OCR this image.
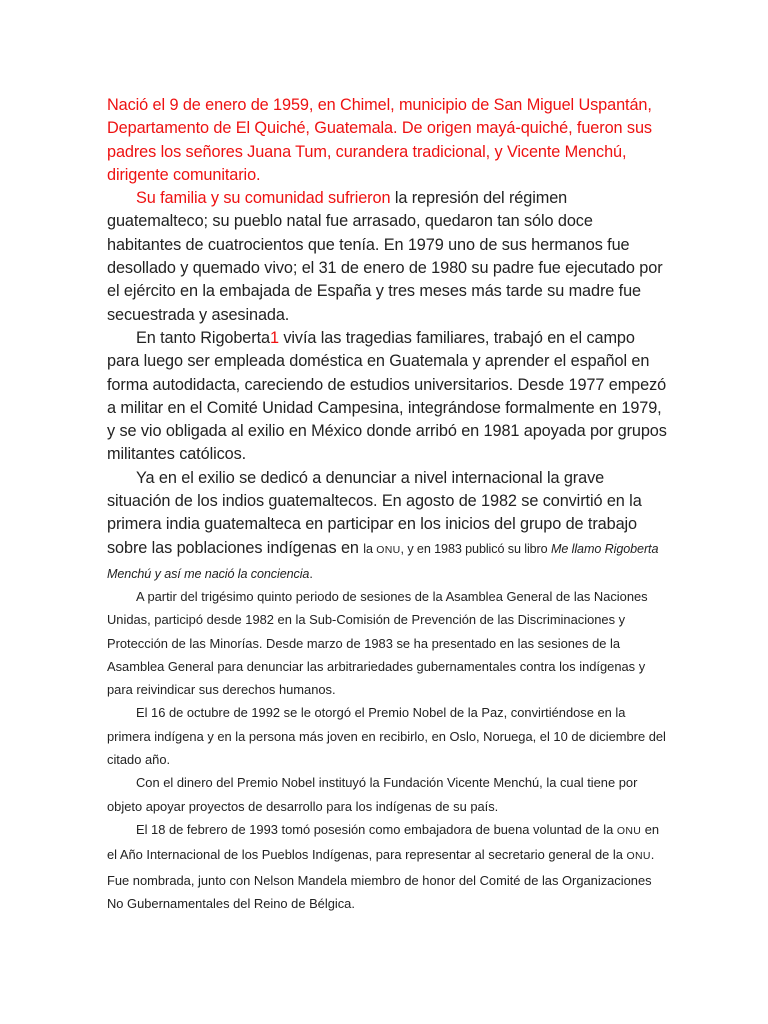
Nació el 9 de enero de 1959, en Chimel, municipio de San Miguel Uspantán, Departamento de El Quiché, Guatemala. De origen mayá-quiché, fueron sus padres los señores Juana Tum, curandera tradicional, y Vicente Menchú, dirigente comunitario.

Su familia y su comunidad sufrieron la represión del régimen guatemalteco; su pueblo natal fue arrasado, quedaron tan sólo doce habitantes de cuatrocientos que tenía. En 1979 uno de sus hermanos fue desollado y quemado vivo; el 31 de enero de 1980 su padre fue ejecutado por el ejército en la embajada de España y tres meses más tarde su madre fue secuestrada y asesinada.

En tanto Rigoberta1 vivía las tragedias familiares, trabajó en el campo para luego ser empleada doméstica en Guatemala y aprender el español en forma autodidacta, careciendo de estudios universitarios. Desde 1977 empezó a militar en el Comité Unidad Campesina, integrándose formalmente en 1979, y se vio obligada al exilio en México donde arribó en 1981 apoyada por grupos militantes católicos.

Ya en el exilio se dedicó a denunciar a nivel internacional la grave situación de los indios guatemaltecos. En agosto de 1982 se convirtió en la primera india guatemalteca en participar en los inicios del grupo de trabajo sobre las poblaciones indígenas en la ONU, y en 1983 publicó su libro Me llamo Rigoberta Menchú y así me nació la conciencia.

A partir del trigésimo quinto periodo de sesiones de la Asamblea General de las Naciones Unidas, participó desde 1982 en la Sub-Comisión de Prevención de las Discriminaciones y Protección de las Minorías. Desde marzo de 1983 se ha presentado en las sesiones de la Asamblea General para denunciar las arbitrariedades gubernamentales contra los indígenas y para reivindicar sus derechos humanos.

El 16 de octubre de 1992 se le otorgó el Premio Nobel de la Paz, convirtiéndose en la primera indígena y en la persona más joven en recibirlo, en Oslo, Noruega, el 10 de diciembre del citado año.

Con el dinero del Premio Nobel instituyó la Fundación Vicente Menchú, la cual tiene por objeto apoyar proyectos de desarrollo para los indígenas de su país.

El 18 de febrero de 1993 tomó posesión como embajadora de buena voluntad de la ONU en el Año Internacional de los Pueblos Indígenas, para representar al secretario general de la ONU. Fue nombrada, junto con Nelson Mandela miembro de honor del Comité de las Organizaciones No Gubernamentales del Reino de Bélgica.
